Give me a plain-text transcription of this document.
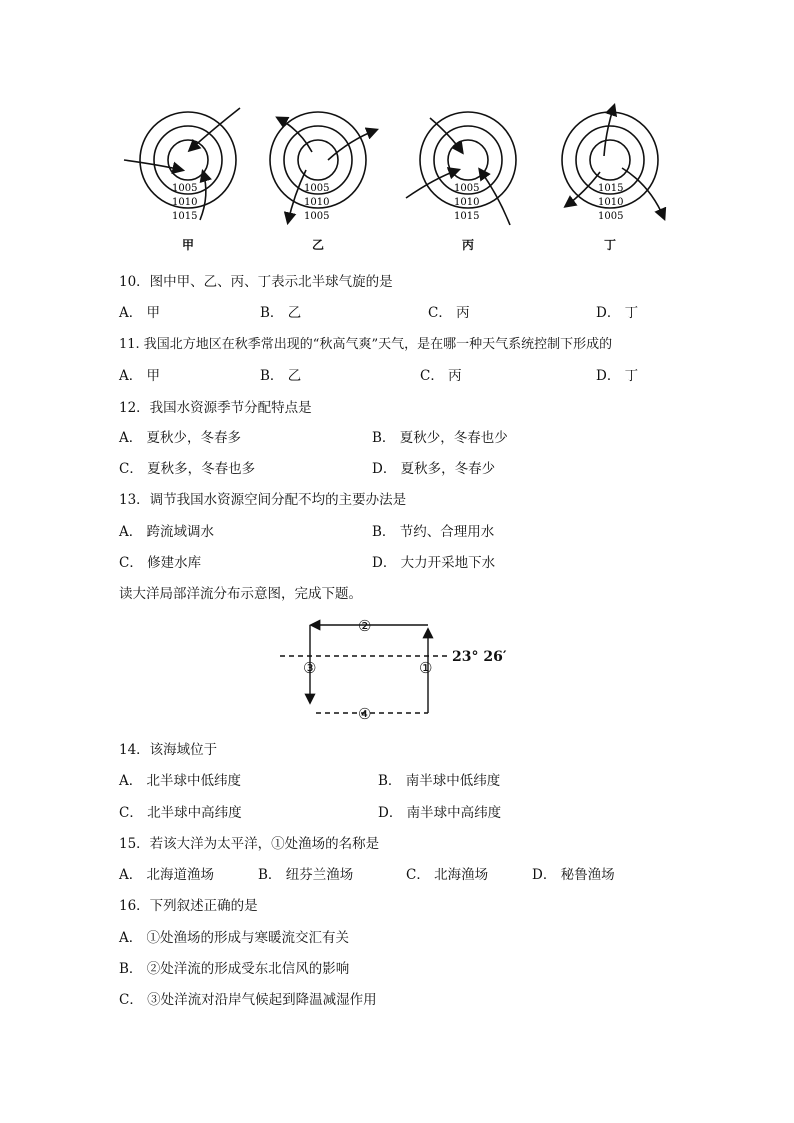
1005
1010
1015
1005
1010
1005
1005
1010
1015
1015
1010
1005
甲	乙	丙	丁
10．图中甲、乙、丙、丁表示北半球气旋的是
A． 甲	B． 乙	C． 丙	D． 丁
11. 我国北方地区在秋季常出现的“秋高气爽”天气，是在哪一种天气系统控制下形成的
A． 甲	B． 乙	C． 丙	D． 丁
12．我国水资源季节分配特点是
A． 夏秋少，冬春多	B． 夏秋少，冬春也少
C． 夏秋多，冬春也多	D． 夏秋多，冬春少
13．调节我国水资源空间分配不均的主要办法是
A． 跨流域调水	B． 节约、合理用水
C． 修建水库	D． 大力开采地下水
读大洋局部洋流分布示意图，完成下题。
②
③	①
④
23° 26′
14．该海域位于
A． 北半球中低纬度	B． 南半球中低纬度
C． 北半球中高纬度	D． 南半球中高纬度
15．若该大洋为太平洋，①处渔场的名称是
A． 北海道渔场	B． 纽芬兰渔场	C． 北海渔场	D． 秘鲁渔场
16．下列叙述正确的是
A． ①处渔场的形成与寒暖流交汇有关
B． ②处洋流的形成受东北信风的影响
C． ③处洋流对沿岸气候起到降温减湿作用
